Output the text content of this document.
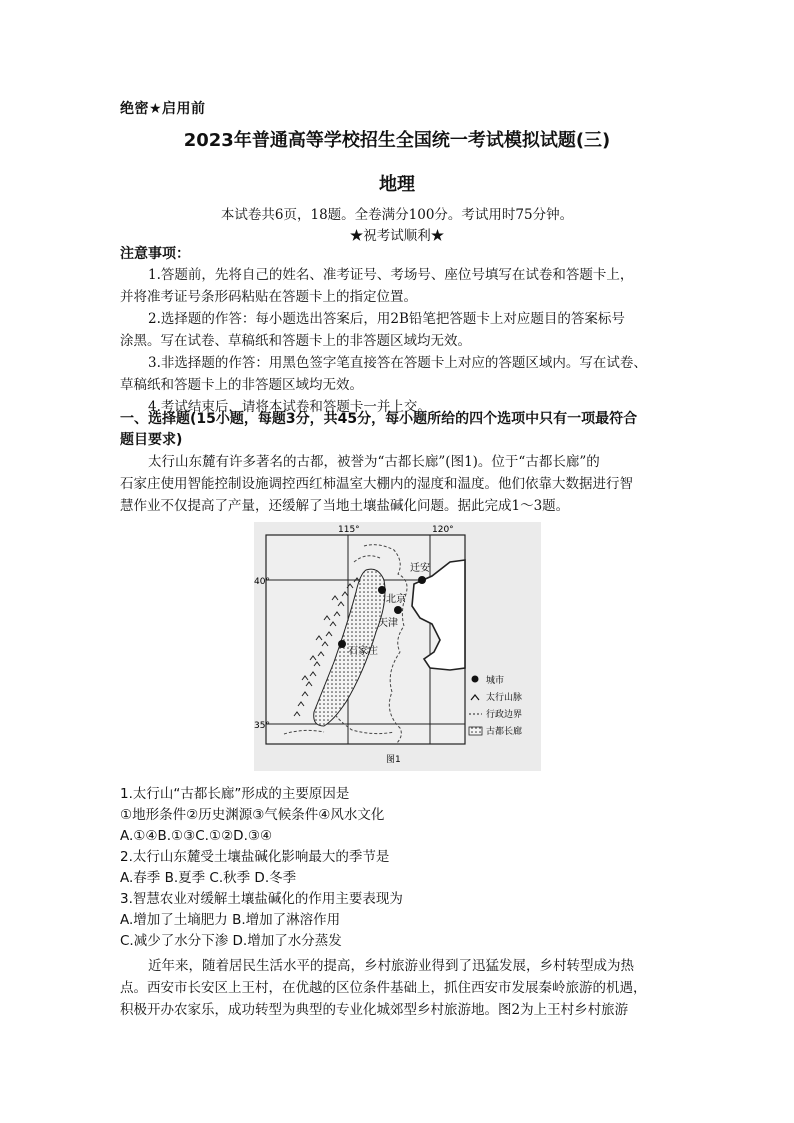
绝密★启用前
2023年普通高等学校招生全国统一考试模拟试题(三)
地理
本试卷共6页，18题。全卷满分100分。考试用时75分钟。
★祝考试顺利★
注意事项：
1.答题前，先将自己的姓名、准考证号、考场号、座位号填写在试卷和答题卡上，
并将准考证号条形码粘贴在答题卡上的指定位置。
2.选择题的作答：每小题选出答案后，用2B铅笔把答题卡上对应题目的答案标号
涂黑。写在试卷、草稿纸和答题卡上的非答题区域均无效。
3.非选择题的作答：用黑色签字笔直接答在答题卡上对应的答题区域内。写在试卷、
草稿纸和答题卡上的非答题区域均无效。
4.考试结束后，请将本试卷和答题卡一并上交。
一、选择题(15小题，每题3分，共45分，每小题所给的四个选项中只有一项最符合
题目要求)
太行山东麓有许多著名的古都，被誉为“古都长廊”(图1)。位于“古都长廊”的
石家庄使用智能控制设施调控西红柿温室大棚内的湿度和温度。他们依靠大数据进行智
慧作业不仅提高了产量，还缓解了当地土壤盐碱化问题。据此完成1～3题。
迁安
北京
天津
石家庄
115°	120°
40°
35°
城市
太行山脉
行政边界
古都长廊
图1
1.太行山“古都长廊”形成的主要原因是
①地形条件②历史渊源③气候条件④风水文化
A.①④B.①③C.①②D.③④
2.太行山东麓受土壤盐碱化影响最大的季节是
A.春季 B.夏季 C.秋季 D.冬季
3.智慧农业对缓解土壤盐碱化的作用主要表现为
A.增加了土墒肥力 B.增加了淋溶作用
C.减少了水分下渗 D.增加了水分蒸发
近年来，随着居民生活水平的提高，乡村旅游业得到了迅猛发展，乡村转型成为热
点。西安市长安区上王村，在优越的区位条件基础上，抓住西安市发展秦岭旅游的机遇，
积极开办农家乐，成功转型为典型的专业化城郊型乡村旅游地。图2为上王村乡村旅游
